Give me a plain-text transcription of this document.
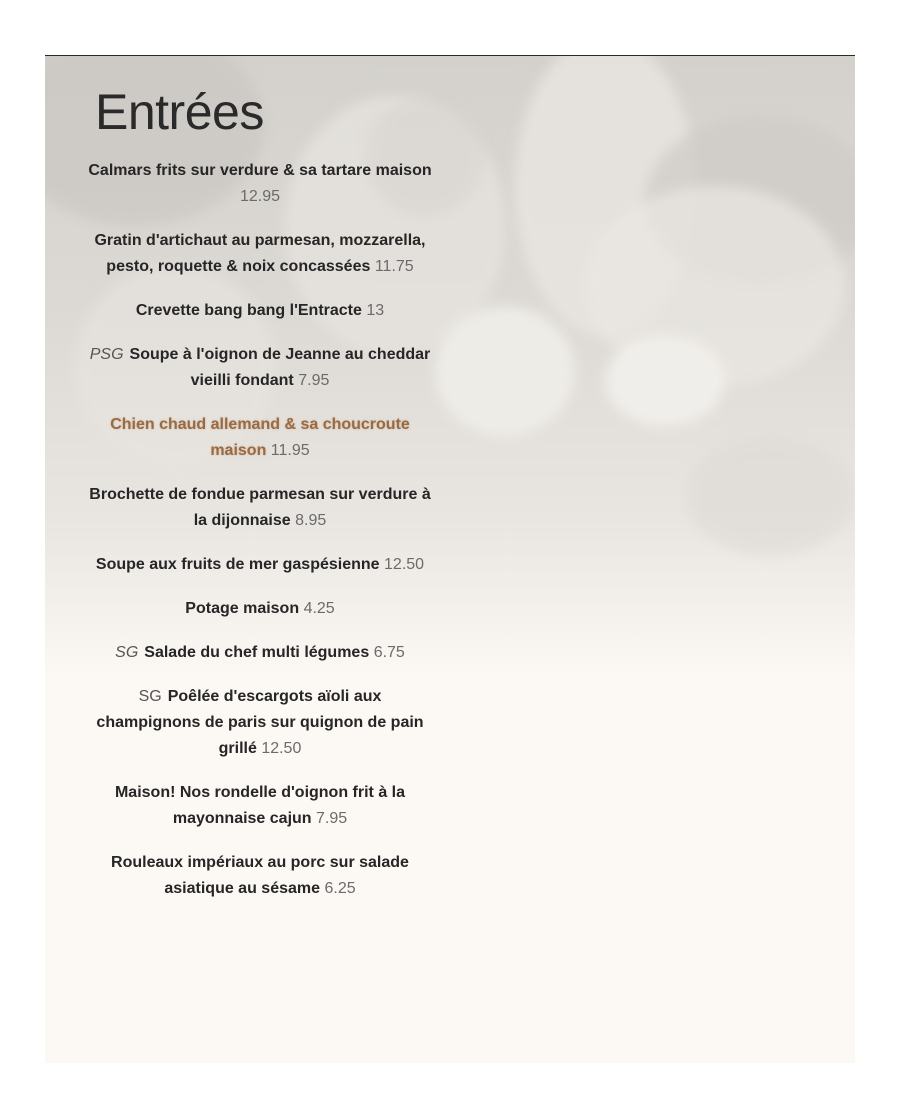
Entrées

Calmars frits sur verdure & sa tartare maison 12.95

Gratin d'artichaut au parmesan, mozzarella, pesto, roquette & noix concassées 11.75

Crevette bang bang l'Entracte 13

PSG Soupe à l'oignon de Jeanne au cheddar vieilli fondant 7.95

Chien chaud allemand & sa choucroute maison 11.95

Brochette de fondue parmesan sur verdure à la dijonnaise 8.95

Soupe aux fruits de mer gaspésienne 12.50

Potage maison 4.25

SG Salade du chef multi légumes 6.75

SG Poêlée d'escargots aïoli aux champignons de paris sur quignon de pain grillé 12.50

Maison! Nos rondelle d'oignon frit à la mayonnaise cajun 7.95

Rouleaux impériaux au porc sur salade asiatique au sésame 6.25
